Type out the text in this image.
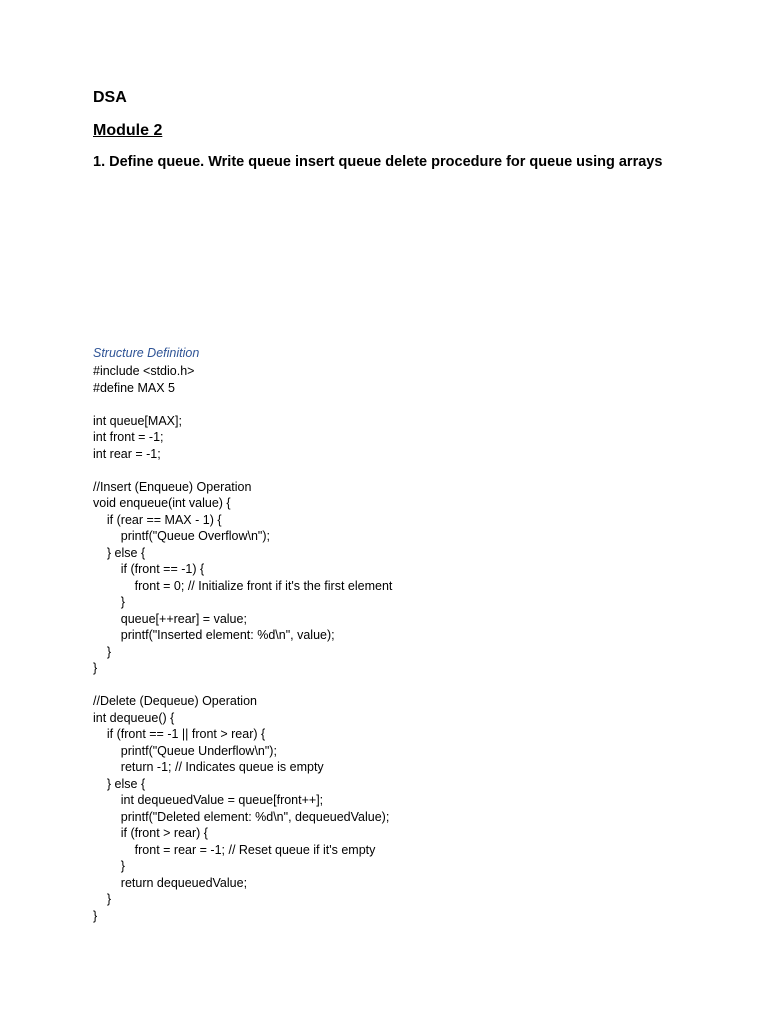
DSA
Module 2

1. Define queue. Write queue insert queue delete procedure for queue using arrays

Structure Definition

#include <stdio.h>
#define MAX 5
int queue[MAX];
int front = -1;
int rear = -1;
//Insert (Enqueue) Operation
void enqueue(int value) {
if (rear == MAX - 1) {
printf("Queue Overflow\n");
} else {
if (front == -1) {
front = 0; // Initialize front if it's the first element
}
queue[++rear] = value;
printf("Inserted element: %d\n", value);
}
}
//Delete (Dequeue) Operation
int dequeue() {
if (front == -1 || front > rear) {
printf("Queue Underflow\n");
return -1; // Indicates queue is empty
} else {
int dequeuedValue = queue[front++];
printf("Deleted element: %d\n", dequeuedValue);
if (front > rear) {
front = rear = -1; // Reset queue if it's empty
}
return dequeuedValue;
}
}
